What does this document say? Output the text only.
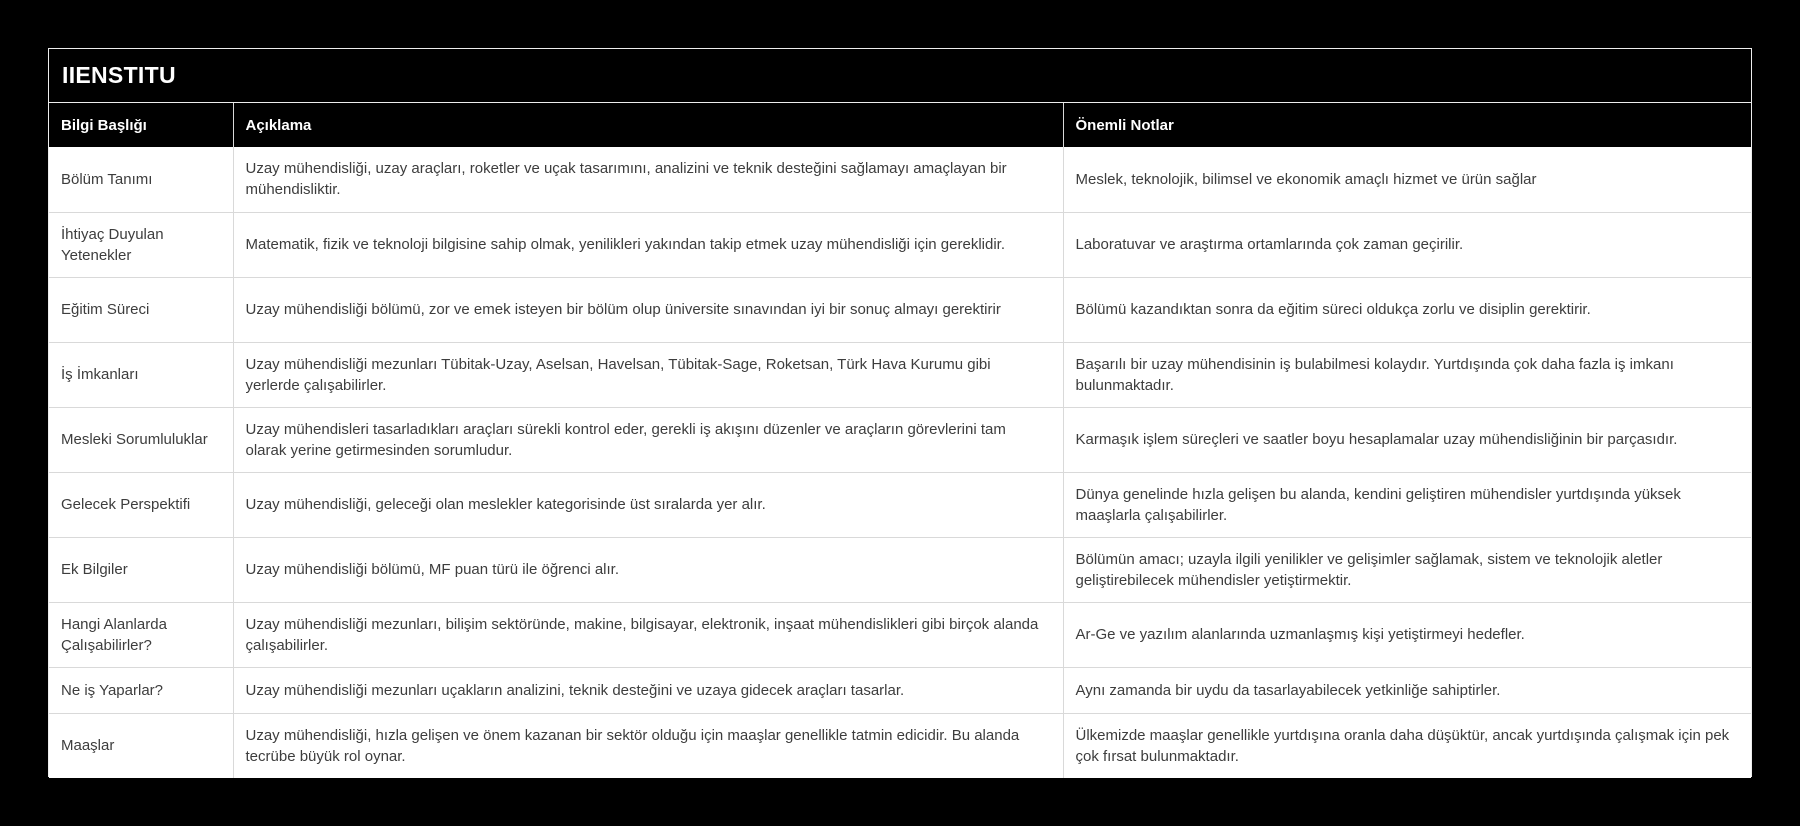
IIENSTITU
Bilgi Başlığı	Açıklama	Önemli Notlar
Bölüm Tanımı	Uzay mühendisliği, uzay araçları, roketler ve uçak tasarımını, analizini ve teknik desteğini sağlamayı amaçlayan bir mühendisliktir.	Meslek, teknolojik, bilimsel ve ekonomik amaçlı hizmet ve ürün sağlar
İhtiyaç Duyulan Yetenekler	Matematik, fizik ve teknoloji bilgisine sahip olmak, yenilikleri yakından takip etmek uzay mühendisliği için gereklidir.	Laboratuvar ve araştırma ortamlarında çok zaman geçirilir.
Eğitim Süreci	Uzay mühendisliği bölümü, zor ve emek isteyen bir bölüm olup üniversite sınavından iyi bir sonuç almayı gerektirir	Bölümü kazandıktan sonra da eğitim süreci oldukça zorlu ve disiplin gerektirir.
İş İmkanları	Uzay mühendisliği mezunları Tübitak-Uzay, Aselsan, Havelsan, Tübitak-Sage, Roketsan, Türk Hava Kurumu gibi yerlerde çalışabilirler.	Başarılı bir uzay mühendisinin iş bulabilmesi kolaydır. Yurtdışında çok daha fazla iş imkanı bulunmaktadır.
Mesleki Sorumluluklar	Uzay mühendisleri tasarladıkları araçları sürekli kontrol eder, gerekli iş akışını düzenler ve araçların görevlerini tam olarak yerine getirmesinden sorumludur.	Karmaşık işlem süreçleri ve saatler boyu hesaplamalar uzay mühendisliğinin bir parçasıdır.
Gelecek Perspektifi	Uzay mühendisliği, geleceği olan meslekler kategorisinde üst sıralarda yer alır.	Dünya genelinde hızla gelişen bu alanda, kendini geliştiren mühendisler yurtdışında yüksek maaşlarla çalışabilirler.
Ek Bilgiler	Uzay mühendisliği bölümü, MF puan türü ile öğrenci alır.	Bölümün amacı; uzayla ilgili yenilikler ve gelişimler sağlamak, sistem ve teknolojik aletler geliştirebilecek mühendisler yetiştirmektir.
Hangi Alanlarda Çalışabilirler?	Uzay mühendisliği mezunları, bilişim sektöründe, makine, bilgisayar, elektronik, inşaat mühendislikleri gibi birçok alanda çalışabilirler.	Ar-Ge ve yazılım alanlarında uzmanlaşmış kişi yetiştirmeyi hedefler.
Ne iş Yaparlar?	Uzay mühendisliği mezunları uçakların analizini, teknik desteğini ve uzaya gidecek araçları tasarlar.	Aynı zamanda bir uydu da tasarlayabilecek yetkinliğe sahiptirler.
Maaşlar	Uzay mühendisliği, hızla gelişen ve önem kazanan bir sektör olduğu için maaşlar genellikle tatmin edicidir. Bu alanda tecrübe büyük rol oynar.	Ülkemizde maaşlar genellikle yurtdışına oranla daha düşüktür, ancak yurtdışında çalışmak için pek çok fırsat bulunmaktadır.
